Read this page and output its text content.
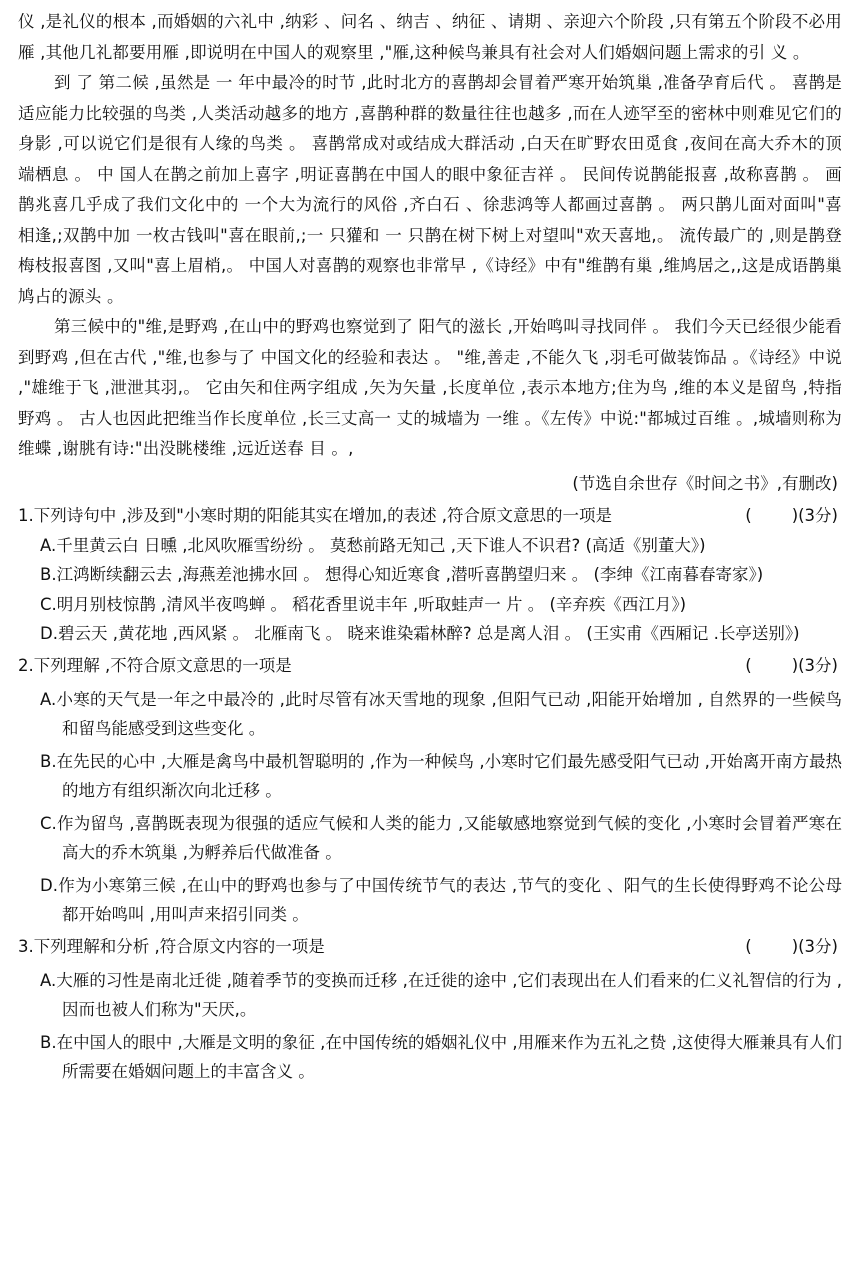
仪 ,是礼仪的根本 ,而婚姻的六礼中 ,纳彩 、问名 、纳吉 、纳征 、请期 、亲迎六个阶段 ,只有第五个阶段不必用雁 ,其他几礼都要用雁 ,即说明在中国人的观察里 ,"雁,这种候鸟兼具有社会对人们婚姻问题上需求的引 义 。

到 了 第二候 ,虽然是 一 年中最冷的时节 ,此时北方的喜鹊却会冒着严寒开始筑巢 ,准备孕育后代 。 喜鹊是适应能力比较强的鸟类 ,人类活动越多的地方 ,喜鹊种群的数量往往也越多 ,而在人迹罕至的密林中则难见它们的身影 ,可以说它们是很有人缘的鸟类 。 喜鹊常成对或结成大群活动 ,白天在旷野农田觅食 ,夜间在高大乔木的顶端栖息 。 中 国人在鹊之前加上喜字 ,明证喜鹊在中国人的眼中象征吉祥 。 民间传说鹊能报喜 ,故称喜鹊 。 画鹊兆喜几乎成了我们文化中的 一个大为流行的风俗 ,齐白石 、徐悲鸿等人都画过喜鹊 。 两只鹊儿面对面叫"喜相逢,;双鹊中加 一枚古钱叫"喜在眼前,;一 只獾和 一 只鹊在树下树上对望叫"欢天喜地,。 流传最广的 ,则是鹊登梅枝报喜图 ,又叫"喜上眉梢,。 中国人对喜鹊的观察也非常早 ,《诗经》中有"维鹊有巢 ,维鸠居之,,这是成语鹊巢鸠占的源头 。

第三候中的"维,是野鸡 ,在山中的野鸡也察觉到了 阳气的滋长 ,开始鸣叫寻找同伴 。 我们今天已经很少能看到野鸡 ,但在古代 ,"维,也参与了 中国文化的经验和表达 。 "维,善走 ,不能久飞 ,羽毛可做装饰品 。《诗经》中说 ,"雄维于飞 ,泄泄其羽,。 它由矢和住两字组成 ,矢为矢量 ,长度单位 ,表示本地方;住为鸟 ,维的本义是留鸟 ,特指野鸡 。 古人也因此把维当作长度单位 ,长三丈高一 丈的城墙为 一维 。《左传》中说:"都城过百维 。,城墙则称为维蝶 ,谢朓有诗:"出没眺楼维 ,远近送春 目 。,

(节选自余世存《时间之书》,有删改)
1.下列诗句中 ,涉及到"小寒时期的阳能其实在增加,的表述 ,符合原文意思的一项是	( )(3分)
A.千里黄云白 日曛 ,北风吹雁雪纷纷 。 莫愁前路无知己 ,天下谁人不识君? (高适《别董大》)
B.江鸿断续翻云去 ,海燕差池拂水回 。 想得心知近寒食 ,潜听喜鹊望归来 。 (李绅《江南暮春寄家》)
C.明月别枝惊鹊 ,清风半夜鸣蝉 。 稻花香里说丰年 ,听取蛙声一 片 。 (辛弃疾《西江月》)
D.碧云天 ,黄花地 ,西风紧 。 北雁南飞 。 晓来谁染霜林醉? 总是离人泪 。 (王实甫《西厢记 .长亭送别》)
2.下列理解 ,不符合原文意思的一项是	( )(3分)
A.小寒的天气是一年之中最冷的 ,此时尽管有冰天雪地的现象 ,但阳气已动 ,阳能开始增加 , 自然界的一些候鸟和留鸟能感受到这些变化 。
B.在先民的心中 ,大雁是禽鸟中最机智聪明的 ,作为一种候鸟 ,小寒时它们最先感受阳气已动 ,开始离开南方最热的地方有组织渐次向北迁移 。
C.作为留鸟 ,喜鹊既表现为很强的适应气候和人类的能力 ,又能敏感地察觉到气候的变化 ,小寒时会冒着严寒在高大的乔木筑巢 ,为孵养后代做准备 。
D.作为小寒第三候 ,在山中的野鸡也参与了中国传统节气的表达 ,节气的变化 、阳气的生长使得野鸡不论公母都开始鸣叫 ,用叫声来招引同类 。
3.下列理解和分析 ,符合原文内容的一项是	( )(3分)
A.大雁的习性是南北迁徙 ,随着季节的变换而迁移 ,在迁徙的途中 ,它们表现出在人们看来的仁义礼智信的行为 ,因而也被人们称为"天厌,。
B.在中国人的眼中 ,大雁是文明的象征 ,在中国传统的婚姻礼仪中 ,用雁来作为五礼之贽 ,这使得大雁兼具有人们所需要在婚姻问题上的丰富含义 。
